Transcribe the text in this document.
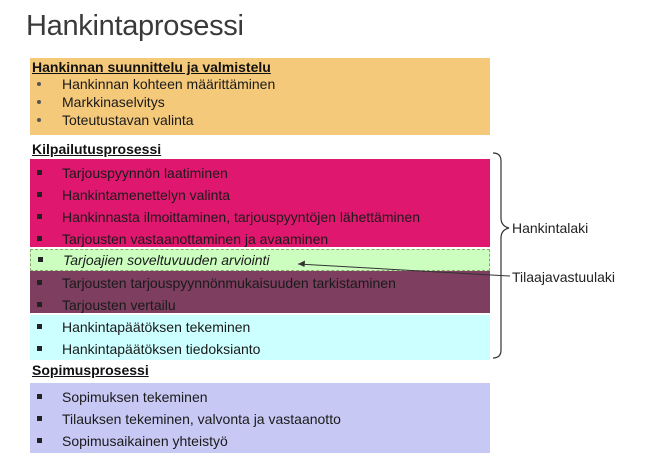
Hankintaprosessi
Hankinnan suunnittelu ja valmistelu
Hankinnan kohteen määrittäminen
Markkinaselvitys
Toteutustavan valinta
Kilpailutusprosessi
Tarjouspyynnön laatiminen
Hankintamenettelyn valinta
Hankinnasta ilmoittaminen, tarjouspyyntöjen lähettäminen
Tarjousten vastaanottaminen ja avaaminen
Tarjoajien soveltuvuuden arviointi
Tarjousten tarjouspyynnönmukaisuuden tarkistaminen
Tarjousten vertailu
Hankintapäätöksen tekeminen
Hankintapäätöksen tiedoksianto
Sopimusprosessi
Sopimuksen tekeminen
Tilauksen tekeminen, valvonta ja vastaanotto
Sopimusaikainen yhteistyö
Hankintalaki
Tilaajavastuulaki
